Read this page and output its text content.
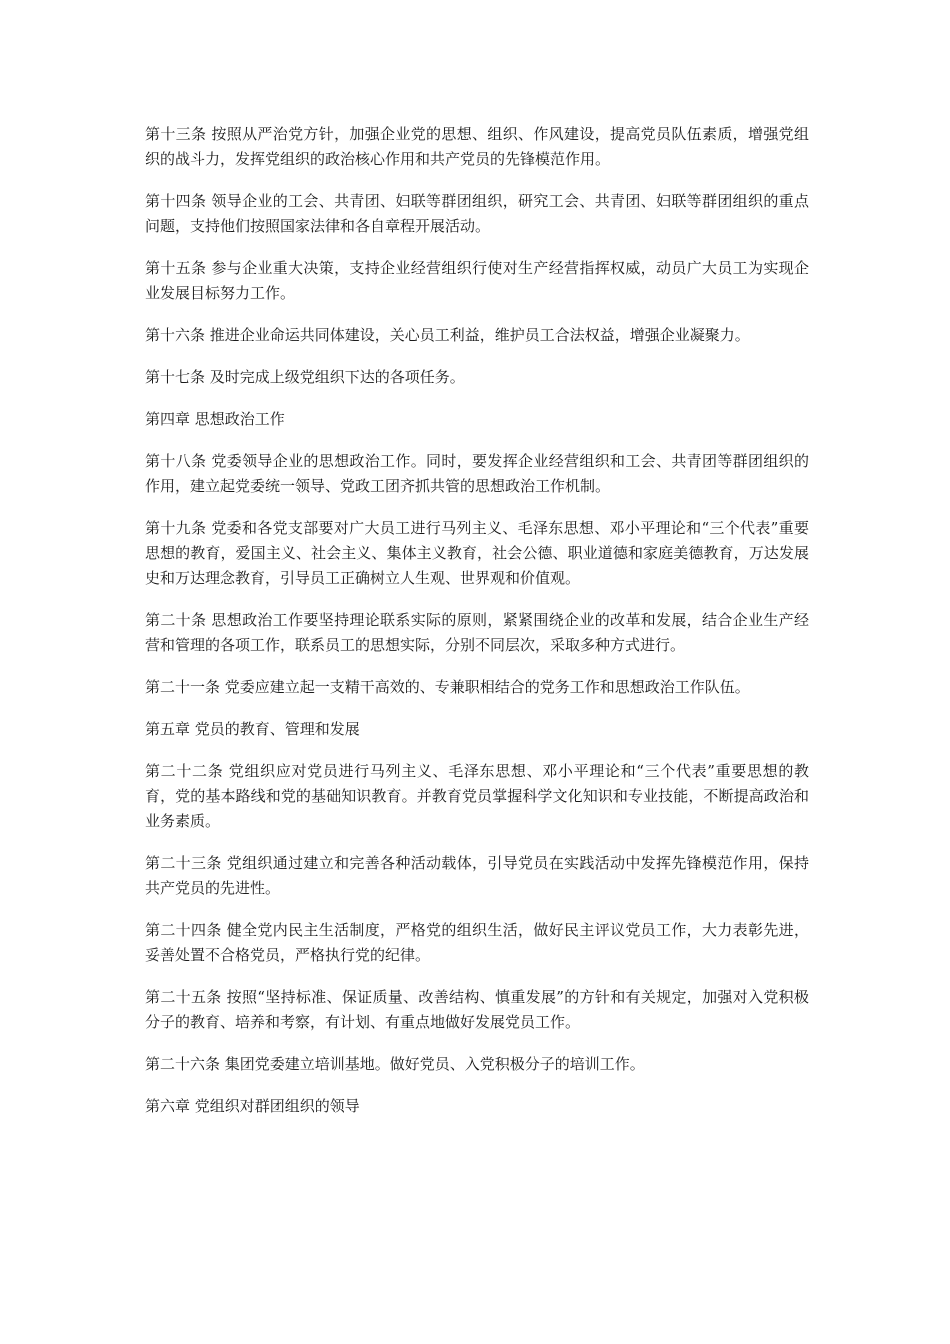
第十三条 按照从严治党方针，加强企业党的思想、组织、作风建设，提高党员队伍素质，增强党组织的战斗力，发挥党组织的政治核心作用和共产党员的先锋模范作用。

第十四条 领导企业的工会、共青团、妇联等群团组织，研究工会、共青团、妇联等群团组织的重点问题，支持他们按照国家法律和各自章程开展活动。

第十五条 参与企业重大决策，支持企业经营组织行使对生产经营指挥权威，动员广大员工为实现企业发展目标努力工作。

第十六条 推进企业命运共同体建设，关心员工利益，维护员工合法权益，增强企业凝聚力。

第十七条 及时完成上级党组织下达的各项任务。

第四章 思想政治工作

第十八条 党委领导企业的思想政治工作。同时，要发挥企业经营组织和工会、共青团等群团组织的作用，建立起党委统一领导、党政工团齐抓共管的思想政治工作机制。

第十九条 党委和各党支部要对广大员工进行马列主义、毛泽东思想、邓小平理论和“三个代表”重要思想的教育，爱国主义、社会主义、集体主义教育，社会公德、职业道德和家庭美德教育，万达发展史和万达理念教育，引导员工正确树立人生观、世界观和价值观。

第二十条 思想政治工作要坚持理论联系实际的原则，紧紧围绕企业的改革和发展，结合企业生产经营和管理的各项工作，联系员工的思想实际，分别不同层次，采取多种方式进行。

第二十一条 党委应建立起一支精干高效的、专兼职相结合的党务工作和思想政治工作队伍。

第五章 党员的教育、管理和发展

第二十二条 党组织应对党员进行马列主义、毛泽东思想、邓小平理论和“三个代表”重要思想的教育，党的基本路线和党的基础知识教育。并教育党员掌握科学文化知识和专业技能，不断提高政治和业务素质。

第二十三条 党组织通过建立和完善各种活动载体，引导党员在实践活动中发挥先锋模范作用，保持共产党员的先进性。

第二十四条 健全党内民主生活制度，严格党的组织生活，做好民主评议党员工作，大力表彰先进，妥善处置不合格党员，严格执行党的纪律。

第二十五条 按照“坚持标准、保证质量、改善结构、慎重发展”的方针和有关规定，加强对入党积极分子的教育、培养和考察，有计划、有重点地做好发展党员工作。

第二十六条 集团党委建立培训基地。做好党员、入党积极分子的培训工作。

第六章 党组织对群团组织的领导
